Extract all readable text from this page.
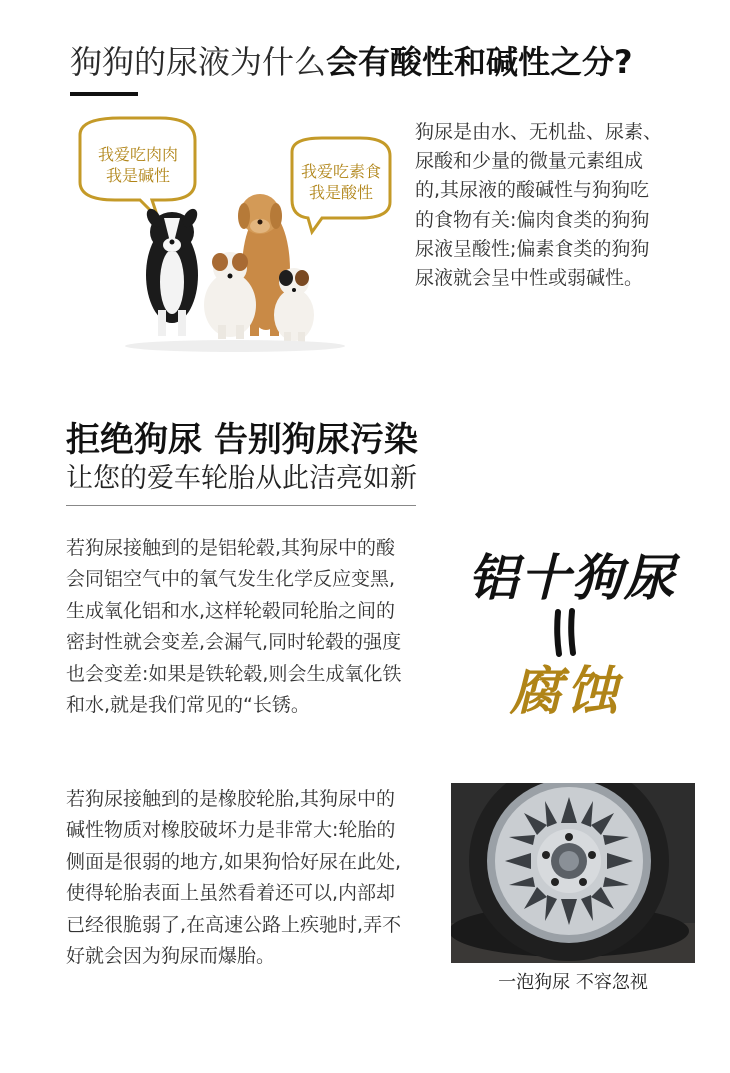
狗狗的尿液为什么会有酸性和碱性之分?
我爱吃肉肉
我是碱性	我爱吃素食
我是酸性
狗尿是由水、无机盐、尿素、尿酸和少量的微量元素组成的,其尿液的酸碱性与狗狗吃的食物有关:偏肉食类的狗狗尿液呈酸性;偏素食类的狗狗尿液就会呈中性或弱碱性。
拒绝狗尿 告别狗尿污染
让您的爱车轮胎从此洁亮如新
若狗尿接触到的是铝轮毂,其狗尿中的酸会同铝空气中的氧气发生化学反应变黑,生成氧化铝和水,这样轮毂同轮胎之间的密封性就会变差,会漏气,同时轮毂的强度也会变差:如果是铁轮毂,则会生成氧化铁和水,就是我们常见的“长锈。
铝十狗尿
腐蚀
若狗尿接触到的是橡胶轮胎,其狗尿中的碱性物质对橡胶破坏力是非常大:轮胎的侧面是很弱的地方,如果狗恰好尿在此处,使得轮胎表面上虽然看着还可以,内部却已经很脆弱了,在高速公路上疾驰时,弄不好就会因为狗尿而爆胎。
一泡狗尿 不容忽视
